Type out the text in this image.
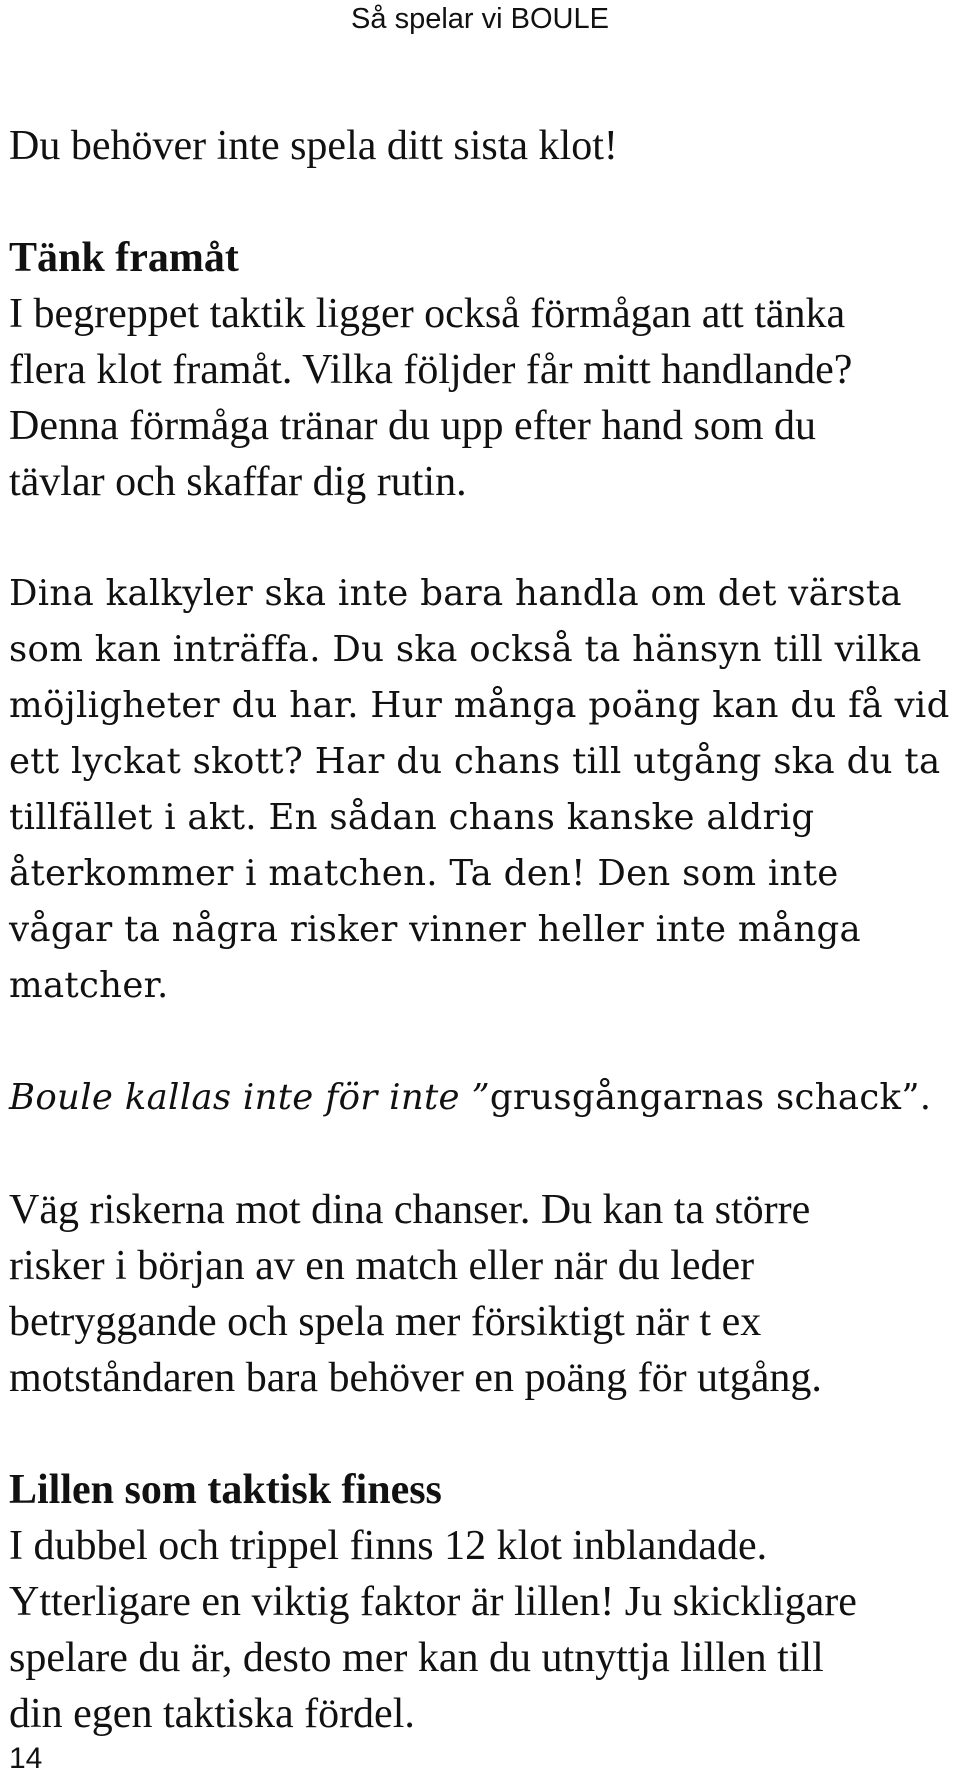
Så spelar vi BOULE
Du behöver inte spela ditt sista klot!
Tänk framåt
I begreppet taktik ligger också förmågan att tänka
flera klot framåt. Vilka följder får mitt handlande?
Denna förmåga tränar du upp efter hand som du
tävlar och skaffar dig rutin.
Dina kalkyler ska inte bara handla om det värsta
som kan inträffa. Du ska också ta hänsyn till vilka
möjligheter du har. Hur många poäng kan du få vid
ett lyckat skott? Har du chans till utgång ska du ta
tillfället i akt. En sådan chans kanske aldrig
återkommer i matchen. Ta den! Den som inte
vågar ta några risker vinner heller inte många
matcher.
Boule kallas inte för inte ”grusgångarnas schack”.
Väg riskerna mot dina chanser. Du kan ta större
risker i början av en match eller när du leder
betryggande och spela mer försiktigt när t ex
motståndaren bara behöver en poäng för utgång.
Lillen som taktisk finess
I dubbel och trippel finns 12 klot inblandade.
Ytterligare en viktig faktor är lillen! Ju skickligare
spelare du är, desto mer kan du utnyttja lillen till
din egen taktiska fördel.
14
